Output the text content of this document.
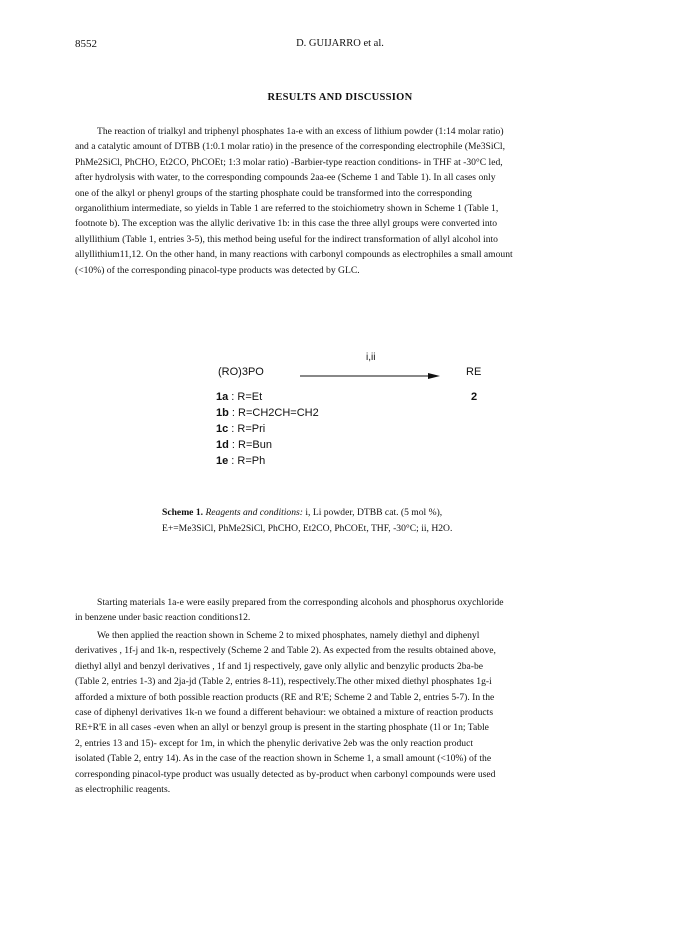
8552	D. GUIJARRO et al.
RESULTS AND DISCUSSION
The reaction of trialkyl and triphenyl phosphates 1a-e with an excess of lithium powder (1:14 molar ratio)
and a catalytic amount of DTBB (1:0.1 molar ratio) in the presence of the corresponding electrophile (Me3SiCl,
PhMe2SiCl, PhCHO, Et2CO, PhCOEt; 1:3 molar ratio) -Barbier-type reaction conditions- in THF at -30°C led,
after hydrolysis with water, to the corresponding compounds 2aa-ee (Scheme 1 and Table 1). In all cases only
one of the alkyl or phenyl groups of the starting phosphate could be transformed into the corresponding
organolithium intermediate, so yields in Table 1 are referred to the stoichiometry shown in Scheme 1 (Table 1,
footnote b). The exception was the allylic derivative 1b: in this case the three allyl groups were converted into
allyllithium (Table 1, entries 3-5), this method being useful for the indirect transformation of allyl alcohol into
allyllithium11,12. On the other hand, in many reactions with carbonyl compounds as electrophiles a small amount
(<10%) of the corresponding pinacol-type products was detected by GLC.
(RO)3PO
i,ii
RE
2
1a : R=Et
1b : R=CH2CH=CH2
1c : R=Pri
1d : R=Bun
1e : R=Ph
Scheme 1. Reagents and conditions: i, Li powder, DTBB cat. (5 mol %),
E+=Me3SiCl, PhMe2SiCl, PhCHO, Et2CO, PhCOEt, THF, -30°C; ii, H2O.
Starting materials 1a-e were easily prepared from the corresponding alcohols and phosphorus oxychloride
in benzene under basic reaction conditions12.
We then applied the reaction shown in Scheme 2 to mixed phosphates, namely diethyl and diphenyl
derivatives , 1f-j and 1k-n, respectively (Scheme 2 and Table 2). As expected from the results obtained above,
diethyl allyl and benzyl derivatives , 1f and 1j respectively, gave only allylic and benzylic products 2ba-be
(Table 2, entries 1-3) and 2ja-jd (Table 2, entries 8-11), respectively.The other mixed diethyl phosphates 1g-i
afforded a mixture of both possible reaction products (RE and R'E; Scheme 2 and Table 2, entries 5-7). In the
case of diphenyl derivatives 1k-n we found a different behaviour: we obtained a mixture of reaction products
RE+R'E in all cases -even when an allyl or benzyl group is present in the starting phosphate (1l or 1n; Table
2, entries 13 and 15)- except for 1m, in which the phenylic derivative 2eb was the only reaction product
isolated (Table 2, entry 14). As in the case of the reaction shown in Scheme 1, a small amount (<10%) of the
corresponding pinacol-type product was usually detected as by-product when carbonyl compounds were used
as electrophilic reagents.
